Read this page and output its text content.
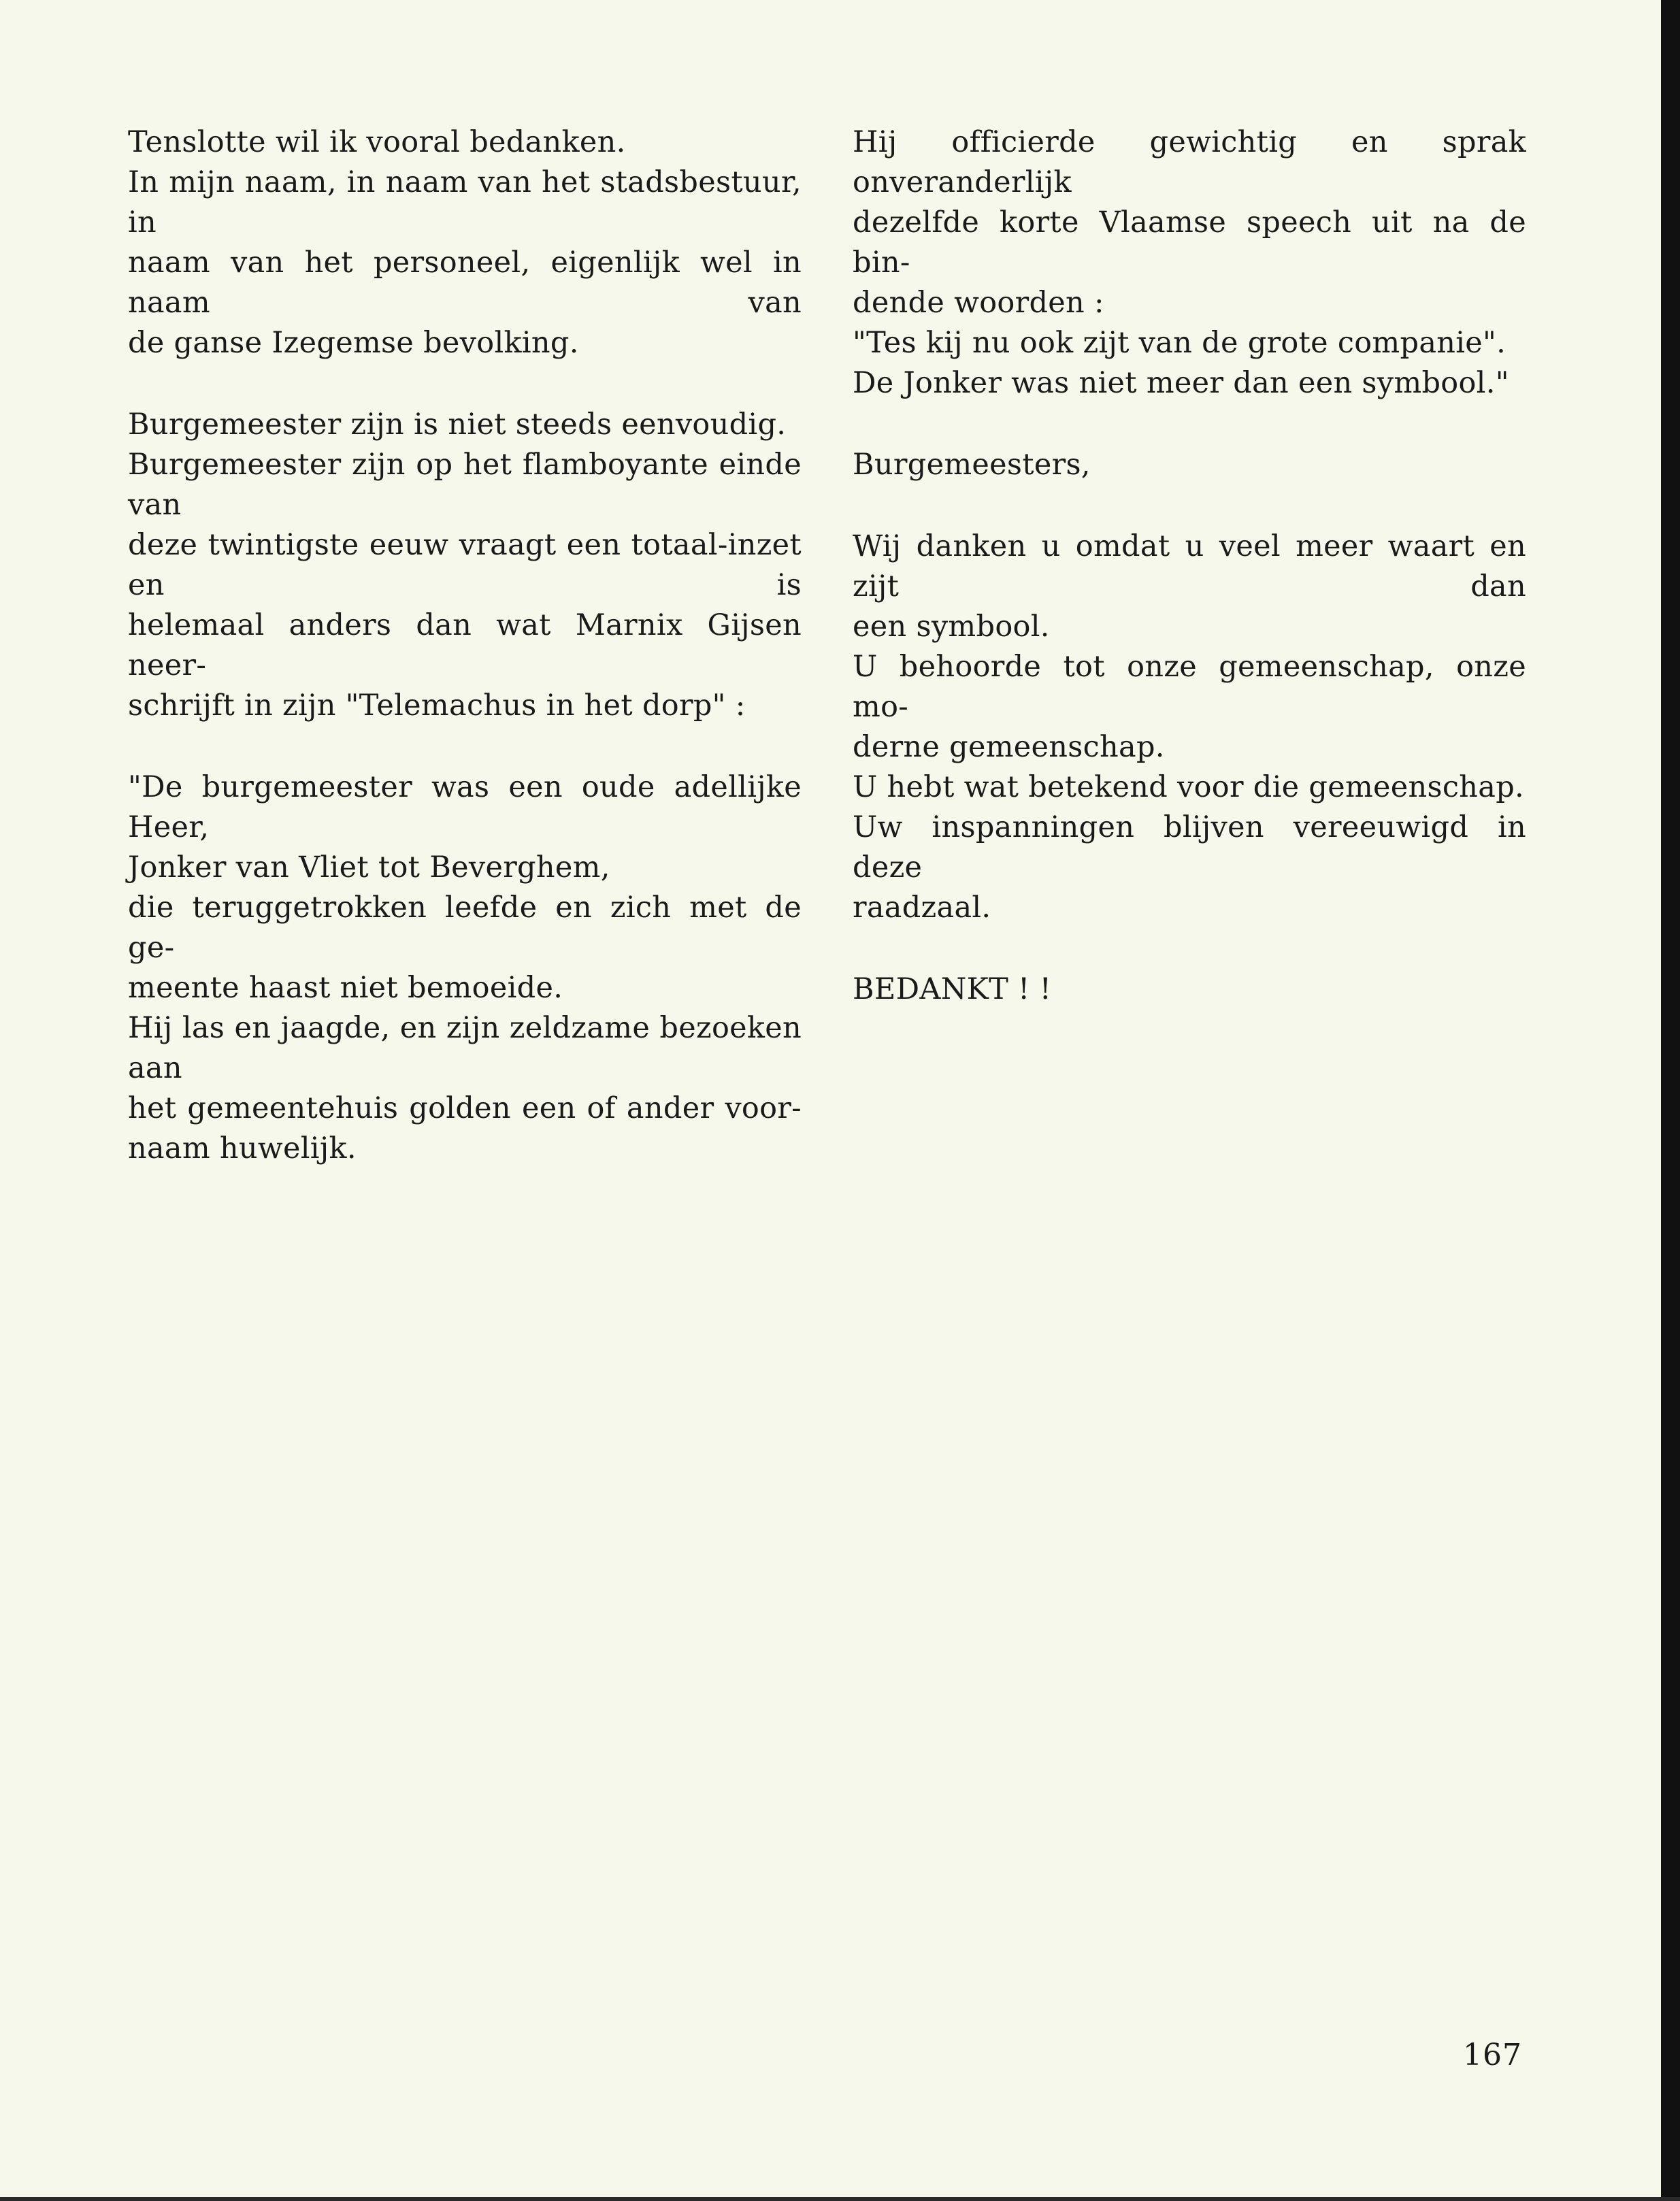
Tenslotte wil ik vooral bedanken.
In mijn naam, in naam van het stadsbestuur, in
naam van het personeel, eigenlijk wel in naam van
de ganse Izegemse bevolking.
Burgemeester zijn is niet steeds eenvoudig.
Burgemeester zijn op het flamboyante einde van
deze twintigste eeuw vraagt een totaal-inzet en is
helemaal anders dan wat Marnix Gijsen neer-
schrijft in zijn "Telemachus in het dorp" :
"De burgemeester was een oude adellijke
Heer,
Jonker van Vliet tot Beverghem,
die teruggetrokken leefde en zich met de ge-
meente haast niet bemoeide.
Hij las en jaagde, en zijn zeldzame bezoeken aan
het gemeentehuis golden een of ander voor-
naam huwelijk.
Hij officierde gewichtig en sprak onveranderlijk
dezelfde korte Vlaamse speech uit na de bin-
dende woorden :
"Tes kij nu ook zijt van de grote companie".
De Jonker was niet meer dan een symbool."
Burgemeesters,
Wij danken u omdat u veel meer waart en zijt dan
een symbool.
U behoorde tot onze gemeenschap, onze mo-
derne gemeenschap.
U hebt wat betekend voor die gemeenschap.
Uw inspanningen blijven vereeuwigd in deze
raadzaal.
BEDANKT ! !
167
